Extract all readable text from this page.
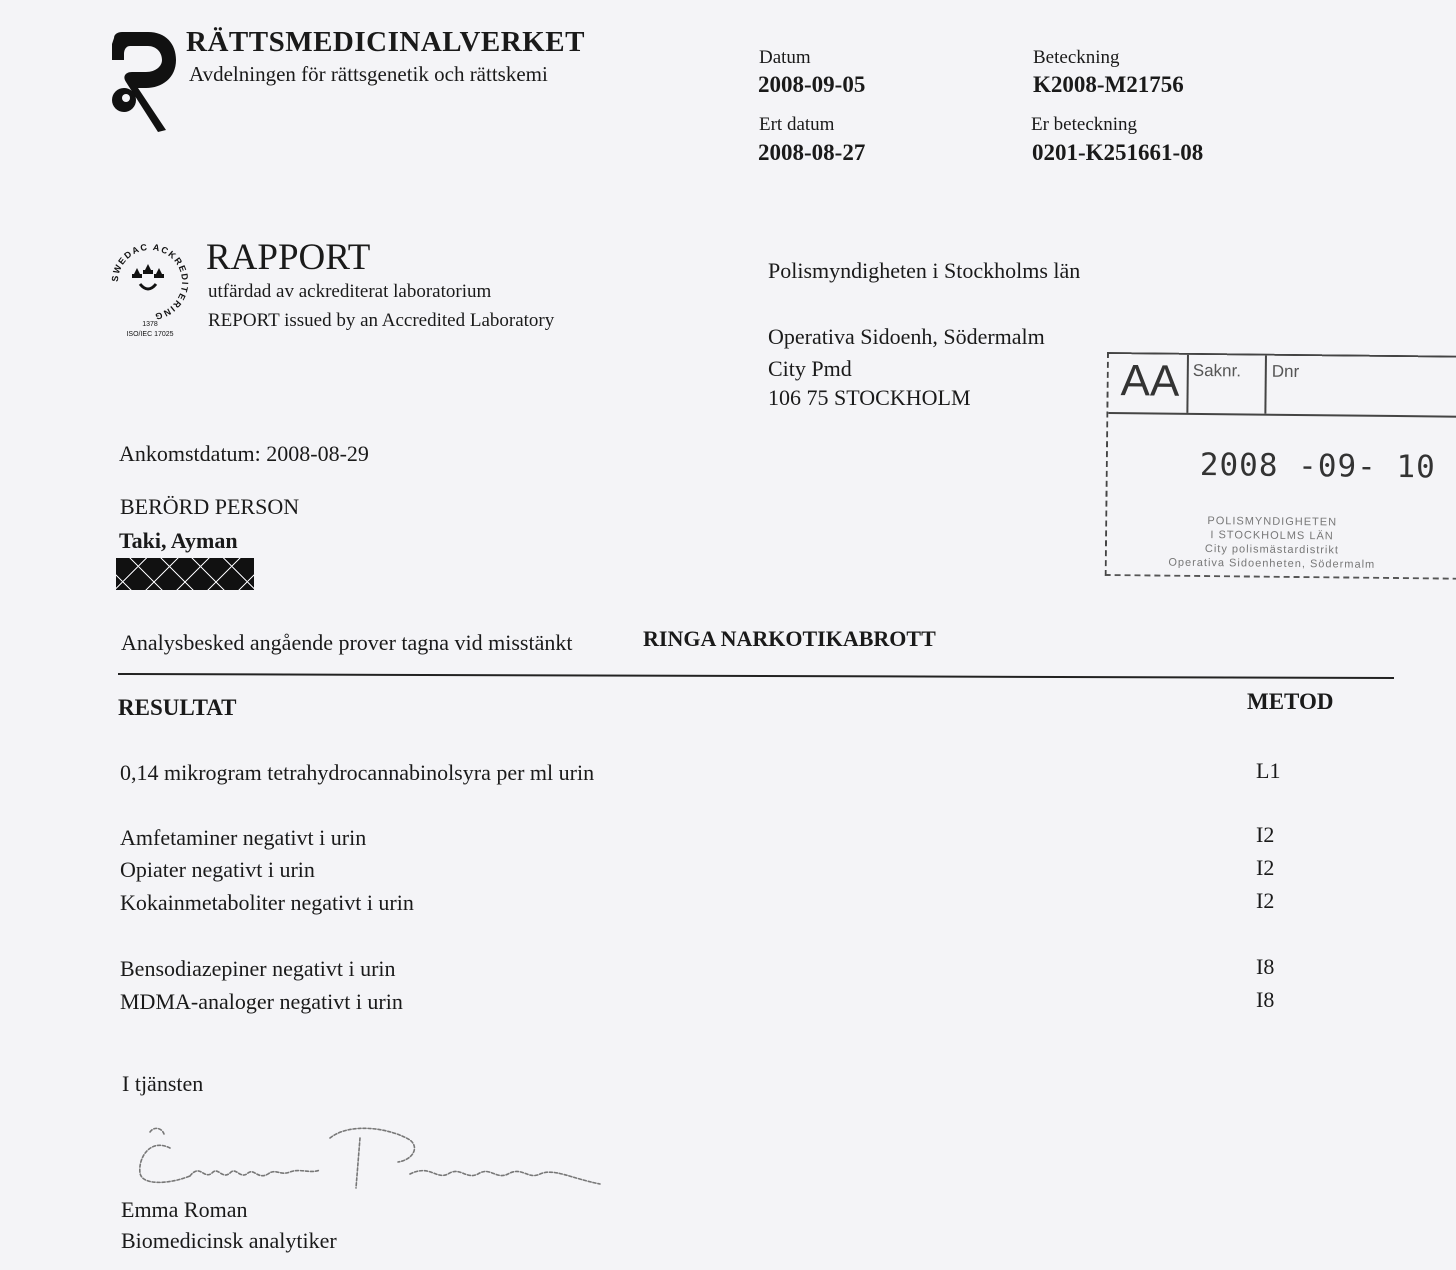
RÄTTSMEDICINALVERKET
Avdelningen för rättsgenetik och rättskemi
Datum
2008-09-05
Beteckning
K2008-M21756
Ert datum
2008-08-27
Er beteckning
0201-K251661-08
SWEDAC ACKREDITERING
1378
ISO/IEC 17025
RAPPORT
utfärdad av ackrediterat laboratorium
REPORT issued by an Accredited Laboratory
Polismyndigheten i Stockholms län
Operativa Sidoenh, Södermalm
City Pmd
106 75 STOCKHOLM	AA Saknr. Dnr
2008 -09- 10
POLISMYNDIGHETEN
I STOCKHOLMS LÄN
City polismästardistrikt
Operativa Sidoenheten, Södermalm
Ankomstdatum: 2008-08-29
BERÖRD PERSON
Taki, Ayman
Analysbesked angående prover tagna vid misstänkt	RINGA NARKOTIKABROTT
RESULTAT	METOD
0,14 mikrogram tetrahydrocannabinolsyra per ml urin	L1
Amfetaminer negativt i urin	I2
Opiater negativt i urin	I2
Kokainmetaboliter negativt i urin	I2
Bensodiazepiner negativt i urin	I8
MDMA-analoger negativt i urin	I8
I tjänsten
Emma Roman
Biomedicinsk analytiker
